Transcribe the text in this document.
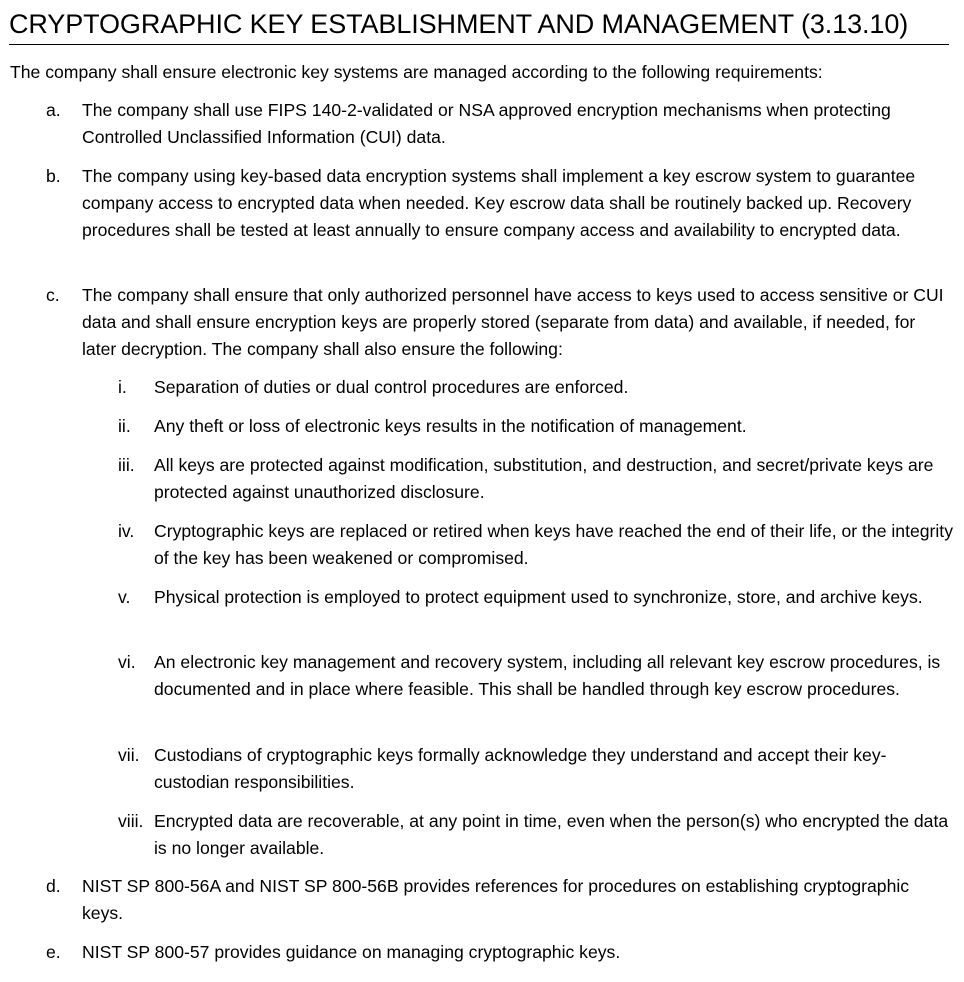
CRYPTOGRAPHIC KEY ESTABLISHMENT AND MANAGEMENT (3.13.10)

The company shall ensure electronic key systems are managed according to the following requirements:

a. The company shall use FIPS 140-2-validated or NSA approved encryption mechanisms when protecting Controlled Unclassified Information (CUI) data.
b. The company using key-based data encryption systems shall implement a key escrow system to guarantee company access to encrypted data when needed. Key escrow data shall be routinely backed up. Recovery procedures shall be tested at least annually to ensure company access and availability to encrypted data.
c. The company shall ensure that only authorized personnel have access to keys used to access sensitive or CUI data and shall ensure encryption keys are properly stored (separate from data) and available, if needed, for later decryption. The company shall also ensure the following:
i. Separation of duties or dual control procedures are enforced.
ii. Any theft or loss of electronic keys results in the notification of management.
iii. All keys are protected against modification, substitution, and destruction, and secret/private keys are protected against unauthorized disclosure.
iv. Cryptographic keys are replaced or retired when keys have reached the end of their life, or the integrity of the key has been weakened or compromised.
v. Physical protection is employed to protect equipment used to synchronize, store, and archive keys.
vi. An electronic key management and recovery system, including all relevant key escrow procedures, is documented and in place where feasible. This shall be handled through key escrow procedures.
vii. Custodians of cryptographic keys formally acknowledge they understand and accept their key-custodian responsibilities.
viii. Encrypted data are recoverable, at any point in time, even when the person(s) who encrypted the data is no longer available.
d. NIST SP 800-56A and NIST SP 800-56B provides references for procedures on establishing cryptographic keys.
e. NIST SP 800-57 provides guidance on managing cryptographic keys.
